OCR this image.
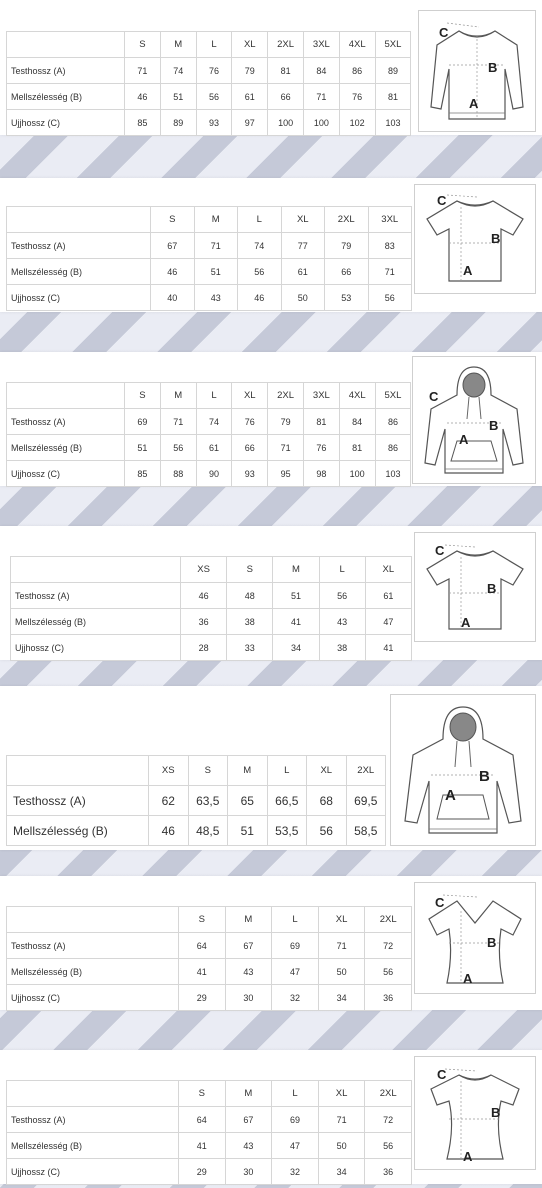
	S	M	L	XL	2XL	3XL	4XL	5XL
Testhossz (A)	71	74	76	79	81	84	86	89
Mellszélesség (B)	46	51	56	61	66	71	76	81
Ujjhossz (C)	85	89	93	97	100	100	102	103
C
B
A
	S	M	L	XL	2XL	3XL
Testhossz (A)	67	71	74	77	79	83
Mellszélesség (B)	46	51	56	61	66	71
Ujjhossz (C)	40	43	46	50	53	56
C
B
A
	S	M	L	XL	2XL	3XL	4XL	5XL
Testhossz (A)	69	71	74	76	79	81	84	86
Mellszélesség (B)	51	56	61	66	71	76	81	86
Ujjhossz (C)	85	88	90	93	95	98	100	103
C
B
A
	XS	S	M	L	XL
Testhossz (A)	46	48	51	56	61
Mellszélesség (B)	36	38	41	43	47
Ujjhossz (C)	28	33	34	38	41
C
B
A
	XS	S	M	L	XL	2XL
Testhossz (A)	62	63,5	65	66,5	68	69,5
Mellszélesség (B)	46	48,5	51	53,5	56	58,5
B
A
	S	M	L	XL	2XL
Testhossz (A)	64	67	69	71	72
Mellszélesség (B)	41	43	47	50	56
Ujjhossz (C)	29	30	32	34	36
C
B
A
	S	M	L	XL	2XL
Testhossz (A)	64	67	69	71	72
Mellszélesség (B)	41	43	47	50	56
Ujjhossz (C)	29	30	32	34	36
C
B
A
